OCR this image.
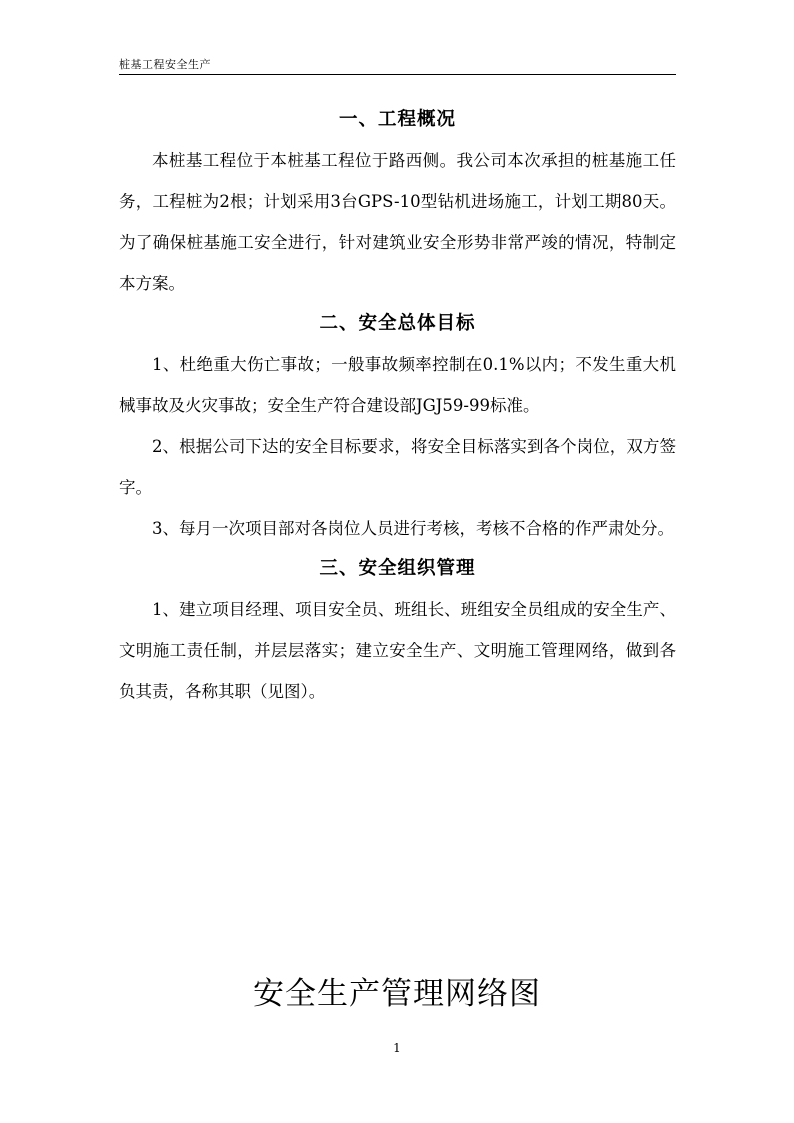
桩基工程安全生产
一、工程概况

本桩基工程位于本桩基工程位于路西侧。我公司本次承担的桩基施工任务，工程桩为2根；计划采用3台GPS-10型钻机进场施工，计划工期80天。为了确保桩基施工安全进行，针对建筑业安全形势非常严竣的情况，特制定本方案。

二、安全总体目标

1、杜绝重大伤亡事故；一般事故频率控制在0.1%以内；不发生重大机械事故及火灾事故；安全生产符合建设部JGJ59-99标准。

2、根据公司下达的安全目标要求，将安全目标落实到各个岗位，双方签字。

3、每月一次项目部对各岗位人员进行考核，考核不合格的作严肃处分。

三、安全组织管理

1、建立项目经理、项目安全员、班组长、班组安全员组成的安全生产、文明施工责任制，并层层落实；建立安全生产、文明施工管理网络，做到各负其责，各称其职（见图）。

安全生产管理网络图
1
